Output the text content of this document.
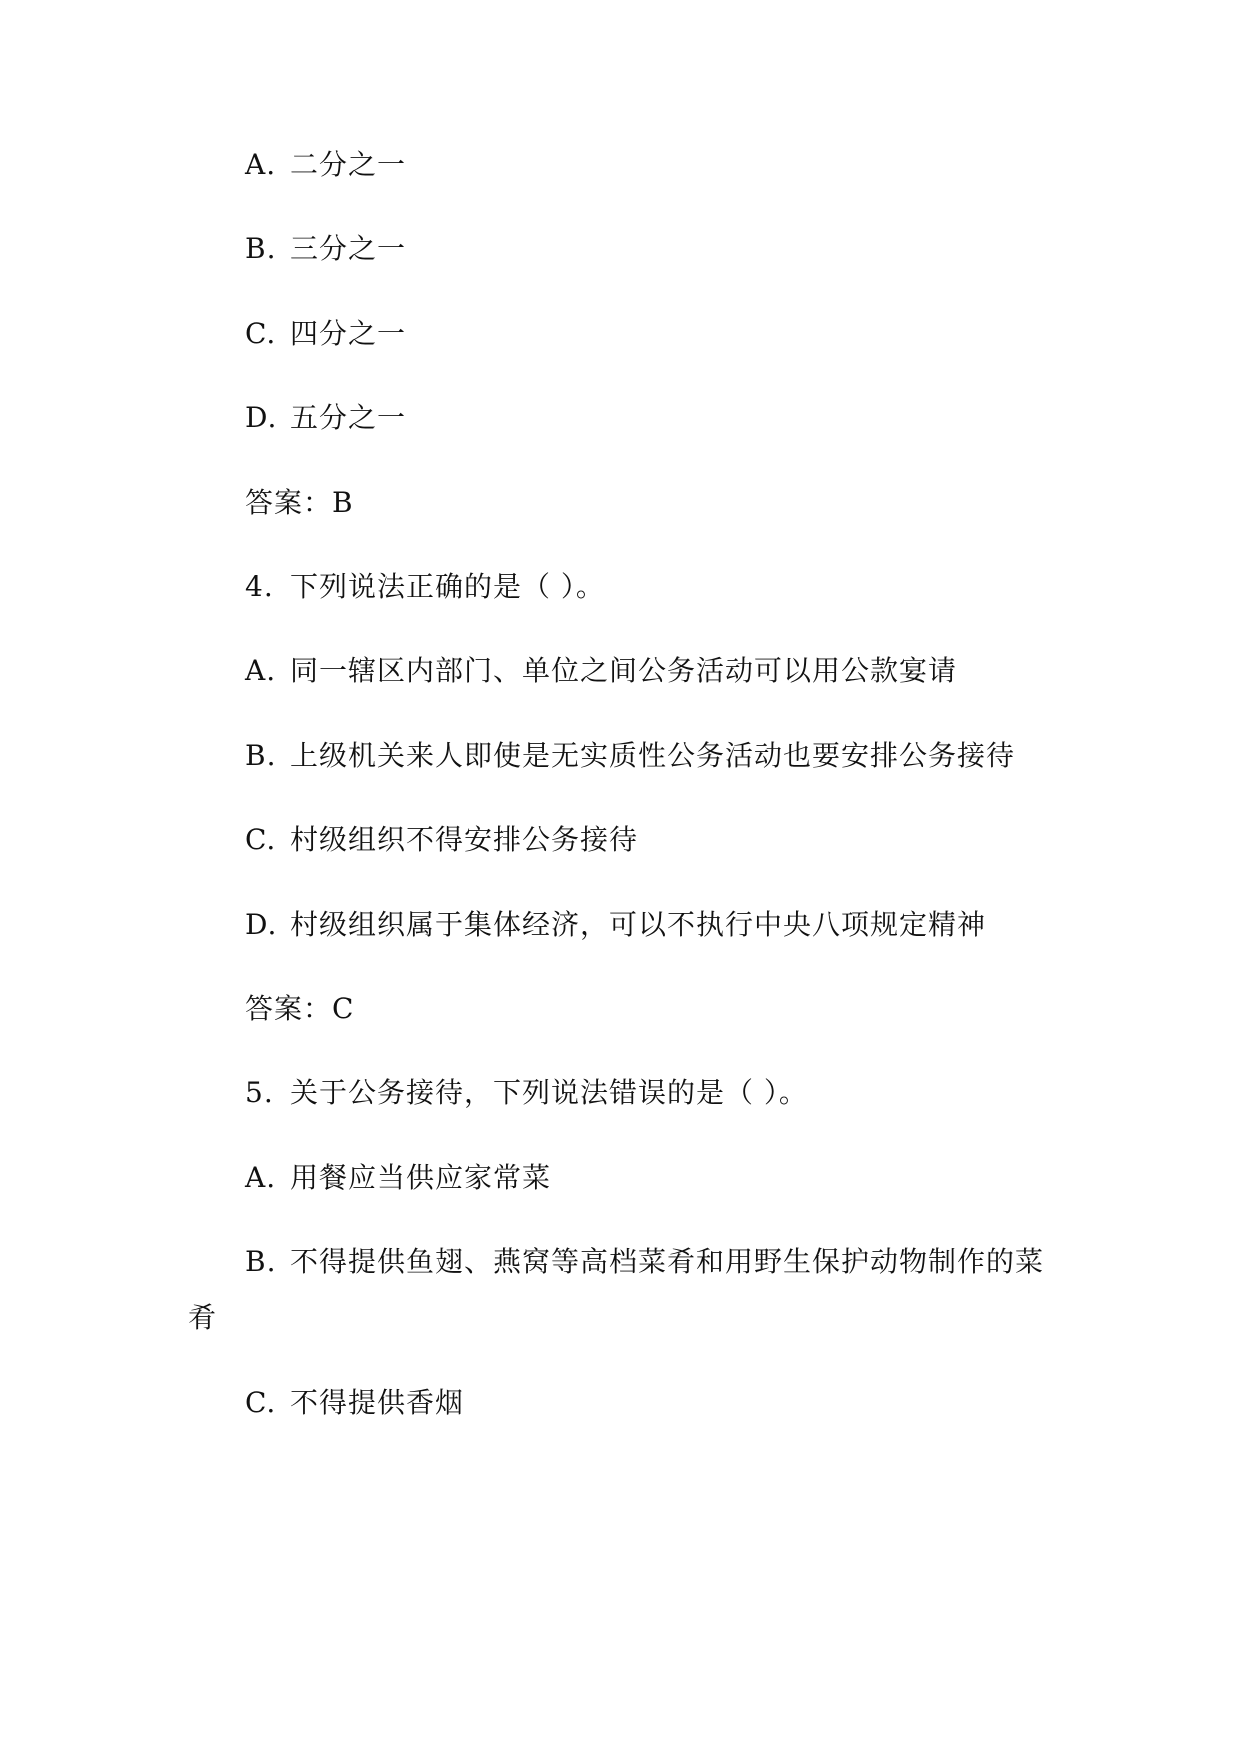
A. 二分之一
B. 三分之一
C. 四分之一
D. 五分之一
答案：B
4. 下列说法正确的是（ ）。
A. 同一辖区内部门、单位之间公务活动可以用公款宴请
B. 上级机关来人即使是无实质性公务活动也要安排公务接待
C. 村级组织不得安排公务接待
D. 村级组织属于集体经济，可以不执行中央八项规定精神
答案：C
5. 关于公务接待，下列说法错误的是（ ）。
A. 用餐应当供应家常菜
B. 不得提供鱼翅、燕窝等高档菜肴和用野生保护动物制作的菜
肴
C. 不得提供香烟
